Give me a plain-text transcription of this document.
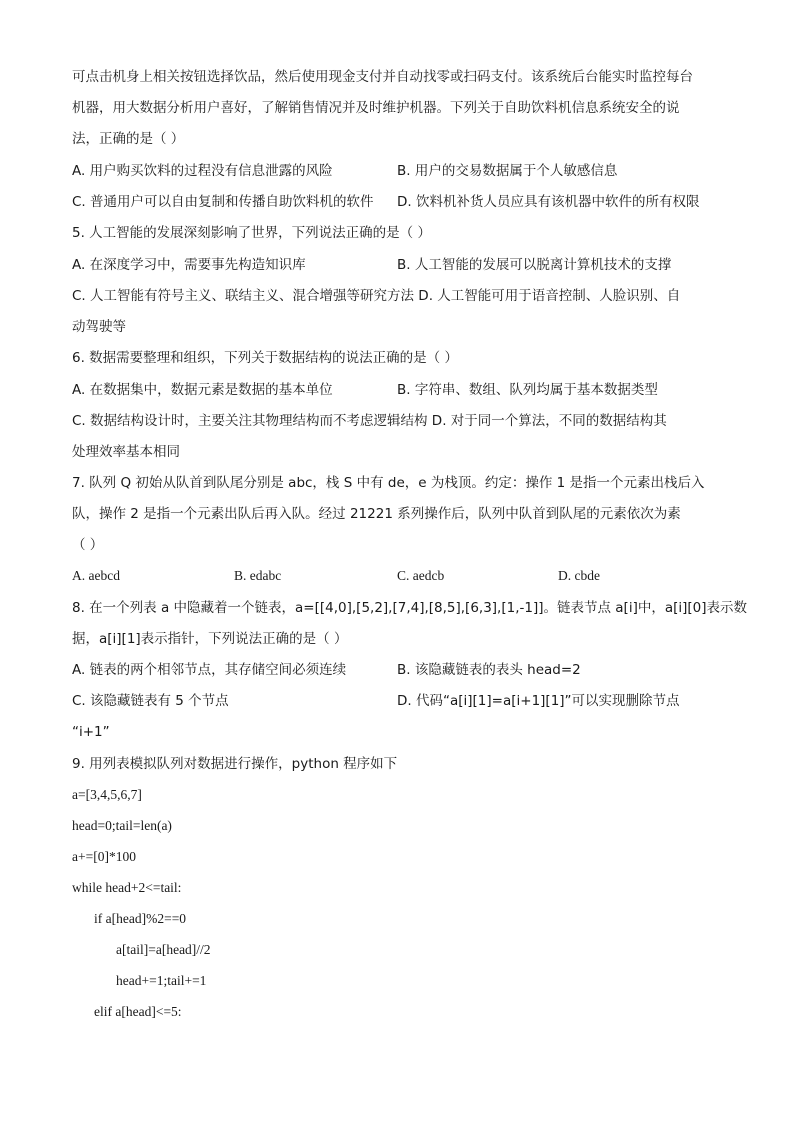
可点击机身上相关按钮选择饮品，然后使用现金支付并自动找零或扫码支付。该系统后台能实时监控每台
机器，用大数据分析用户喜好，了解销售情况并及时维护机器。下列关于自助饮料机信息系统安全的说
法，正确的是（ ）
A. 用户购买饮料的过程没有信息泄露的风险	B. 用户的交易数据属于个人敏感信息
C. 普通用户可以自由复制和传播自助饮料机的软件 D. 饮料机补货人员应具有该机器中软件的所有权限
5. 人工智能的发展深刻影响了世界，下列说法正确的是（ ）
A. 在深度学习中，需要事先构造知识库	B. 人工智能的发展可以脱离计算机技术的支撑
C. 人工智能有符号主义、联结主义、混合增强等研究方法 D. 人工智能可用于语音控制、人脸识别、自
动驾驶等
6. 数据需要整理和组织，下列关于数据结构的说法正确的是（ ）
A. 在数据集中，数据元素是数据的基本单位	B. 字符串、数组、队列均属于基本数据类型
C. 数据结构设计时，主要关注其物理结构而不考虑逻辑结构 D. 对于同一个算法，不同的数据结构其
处理效率基本相同
7. 队列 Q 初始从队首到队尾分别是 abc，栈 S 中有 de，e 为栈顶。约定：操作 1 是指一个元素出栈后入
队，操作 2 是指一个元素出队后再入队。经过 21221 系列操作后，队列中队首到队尾的元素依次为素
（ ）
A. aebcd	B. edabc	C. aedcb	D. cbde
8. 在一个列表 a 中隐藏着一个链表，a=[[4,0],[5,2],[7,4],[8,5],[6,3],[1,-1]]。链表节点 a[i]中，a[i][0]表示数
据，a[i][1]表示指针，下列说法正确的是（ ）
A. 链表的两个相邻节点，其存储空间必须连续	B. 该隐藏链表的表头 head=2
C. 该隐藏链表有 5 个节点	D. 代码“a[i][1]=a[i+1][1]”可以实现删除节点
“i+1”
9. 用列表模拟队列对数据进行操作，python 程序如下
a=[3,4,5,6,7]
head=0;tail=len(a)
a+=[0]*100
while head+2<=tail:
if a[head]%2==0
a[tail]=a[head]//2
head+=1;tail+=1
elif a[head]<=5:
